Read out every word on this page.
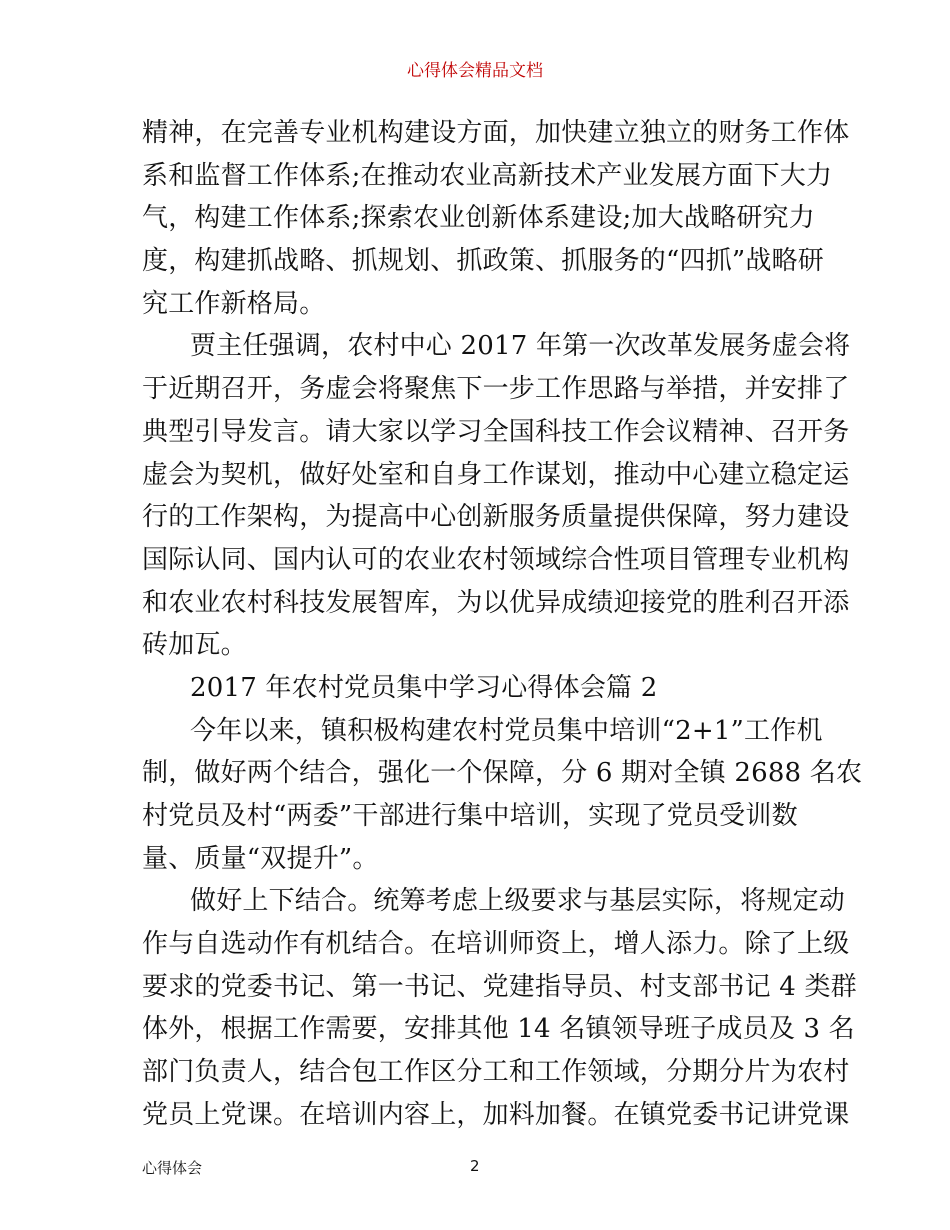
心得体会精品文档
精神，在完善专业机构建设方面，加快建立独立的财务工作体
系和监督工作体系;在推动农业高新技术产业发展方面下大力
气，构建工作体系;探索农业创新体系建设;加大战略研究力
度，构建抓战略、抓规划、抓政策、抓服务的“四抓”战略研
究工作新格局。
贾主任强调，农村中心 2017 年第一次改革发展务虚会将
于近期召开，务虚会将聚焦下一步工作思路与举措，并安排了
典型引导发言。请大家以学习全国科技工作会议精神、召开务
虚会为契机，做好处室和自身工作谋划，推动中心建立稳定运
行的工作架构，为提高中心创新服务质量提供保障，努力建设
国际认同、国内认可的农业农村领域综合性项目管理专业机构
和农业农村科技发展智库，为以优异成绩迎接党的胜利召开添
砖加瓦。
2017 年农村党员集中学习心得体会篇 2
今年以来，镇积极构建农村党员集中培训“2+1”工作机
制，做好两个结合，强化一个保障，分 6 期对全镇 2688 名农
村党员及村“两委”干部进行集中培训，实现了党员受训数
量、质量“双提升”。
做好上下结合。统筹考虑上级要求与基层实际，将规定动
作与自选动作有机结合。在培训师资上，增人添力。除了上级
要求的党委书记、第一书记、党建指导员、村支部书记 4 类群
体外，根据工作需要，安排其他 14 名镇领导班子成员及 3 名
部门负责人，结合包工作区分工和工作领域，分期分片为农村
党员上党课。在培训内容上，加料加餐。在镇党委书记讲党课
心得体会	2
